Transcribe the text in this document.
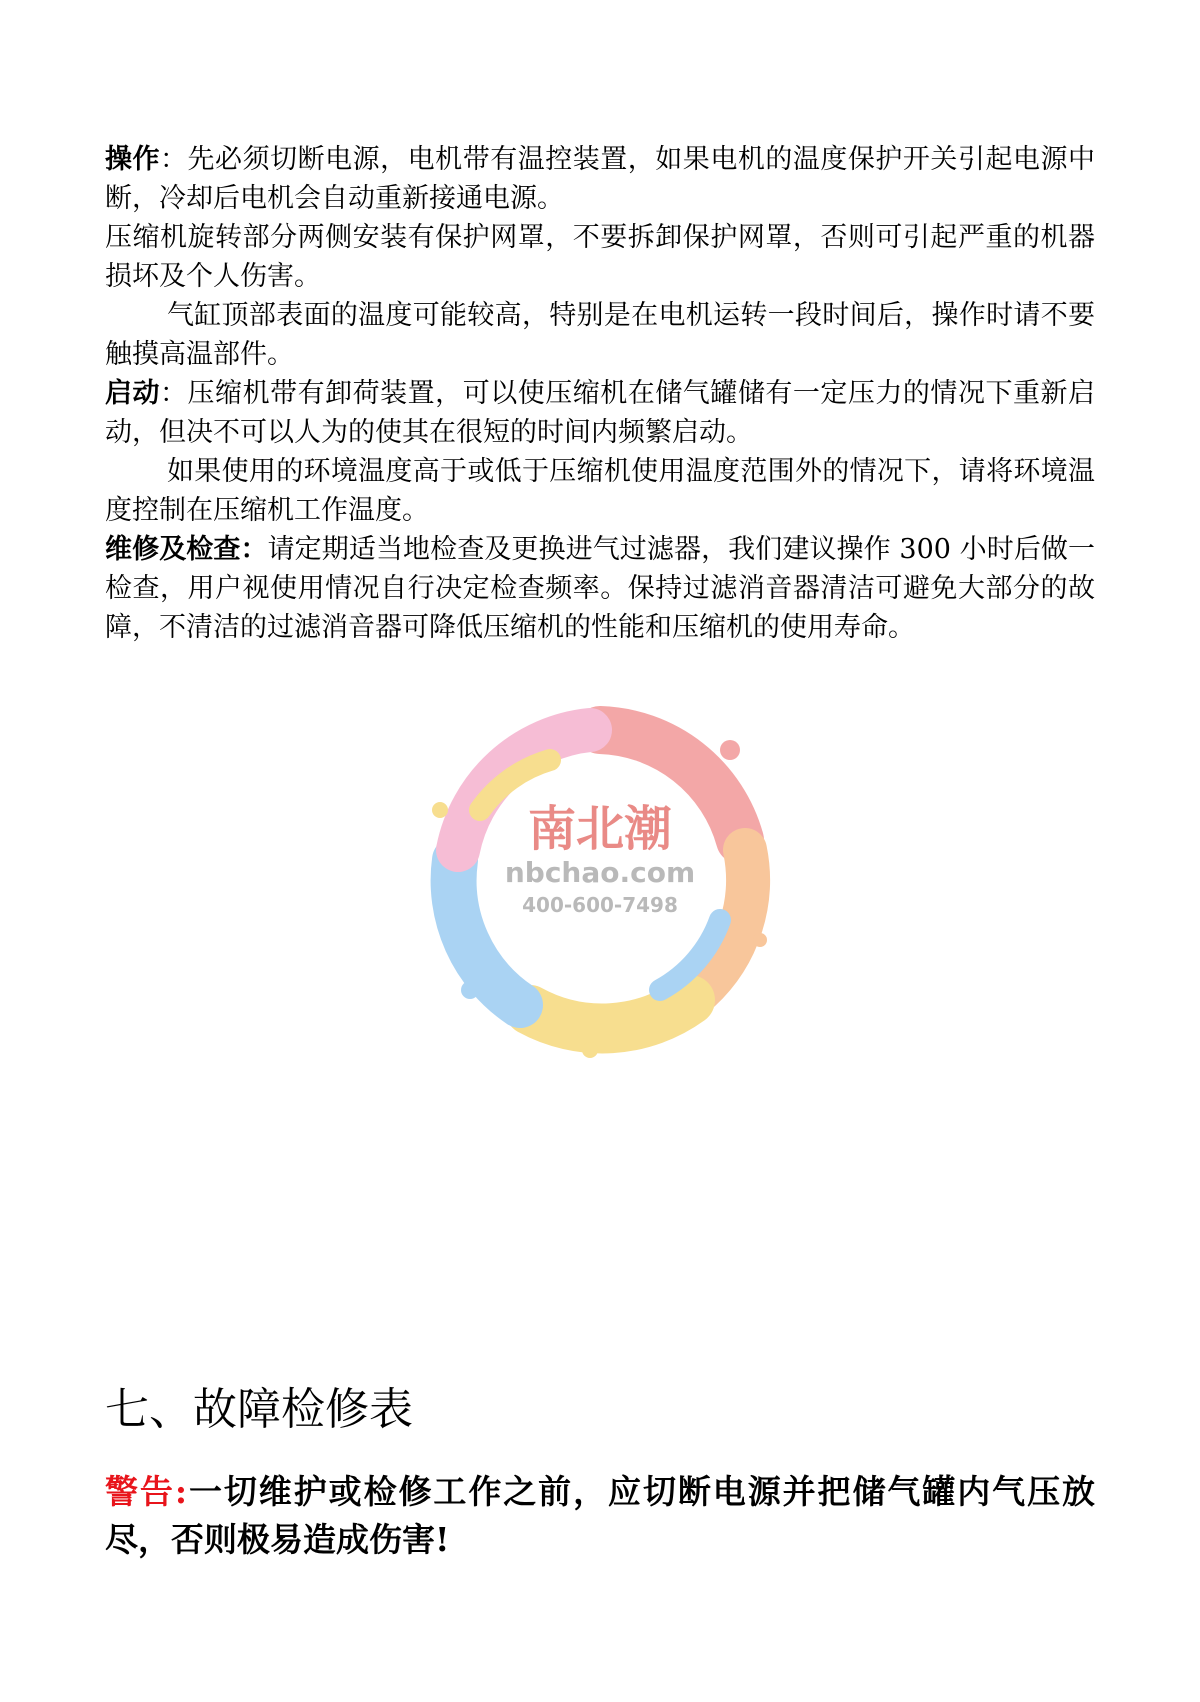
操作：先必须切断电源，电机带有温控装置，如果电机的温度保护开关引起电源中断，冷却后电机会自动重新接通电源。

压缩机旋转部分两侧安装有保护网罩，不要拆卸保护网罩，否则可引起严重的机器损坏及个人伤害。

气缸顶部表面的温度可能较高，特别是在电机运转一段时间后，操作时请不要触摸高温部件。

启动：压缩机带有卸荷装置，可以使压缩机在储气罐储有一定压力的情况下重新启动，但决不可以人为的使其在很短的时间内频繁启动。

如果使用的环境温度高于或低于压缩机使用温度范围外的情况下，请将环境温度控制在压缩机工作温度。

维修及检查：请定期适当地检查及更换进气过滤器，我们建议操作 300 小时后做一检查，用户视使用情况自行决定检查频率。保持过滤消音器清洁可避免大部分的故障，不清洁的过滤消音器可降低压缩机的性能和压缩机的使用寿命。

南北潮
nbchao.com
400-600-7498
七、故障检修表

警告:一切维护或检修工作之前，应切断电源并把储气罐内气压放尽，否则极易造成伤害!
